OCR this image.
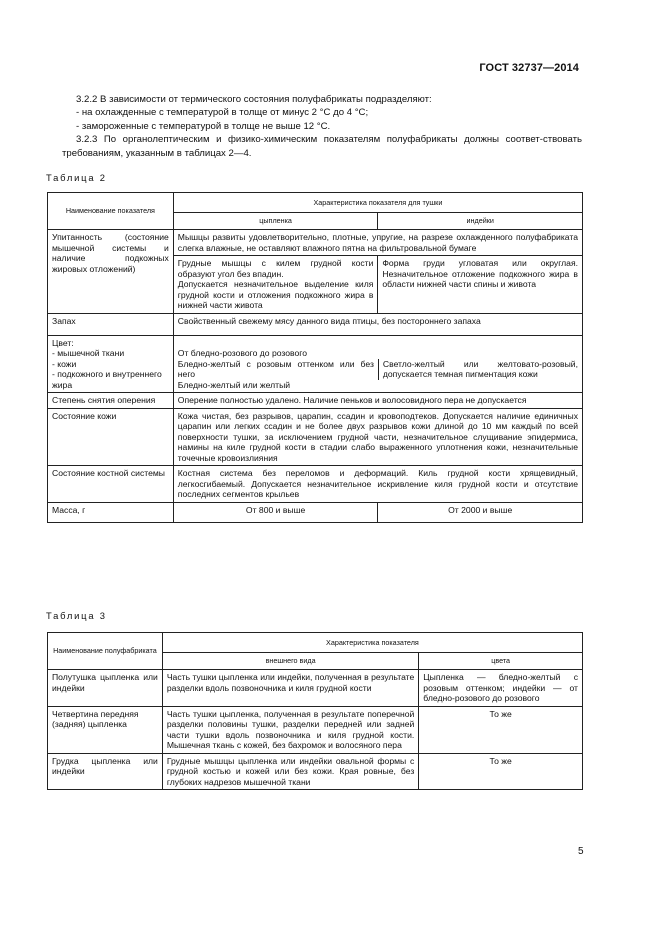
ГОСТ 32737—2014

3.2.2 В зависимости от термического состояния полуфабрикаты подразделяют:

- на охлажденные с температурой в толще от минус 2 °С до 4 °С;

- замороженные с температурой в толще не выше 12 °С.

3.2.3 По органолептическим и физико-химическим показателям полуфабрикаты должны соответ-ствовать требованиям, указанным в таблицах 2—4.

Таблица 2
Наименование показателя	Характеристика показателя для тушки	
	цыпленка	индейки
Упитанность (состояние мышечной системы и наличие подкожных жировых отложений)	Мышцы развиты удовлетворительно, плотные, упругие, на разрезе охлажденного полуфабриката слегка влажные, не оставляют влажного пятна на фильтровальной бумаге	

	Грудные мышцы с килем грудной кости образуют угол без впадин.
Допускается незначительное выделение киля грудной кости и отложения подкожного жира в нижней части живота	Форма груди угловатая или округлая. Незначительное отложение подкожного жира в области нижней части спины и живота
Запах	Свойственный свежему мясу данного вида птицы, без постороннего запаха	

Цвет:
- мышечной ткани
- кожи
- подкожного и внутреннего жира	От бледно-розового до розового
Бледно-желтый с розовым оттенком или без него
Бледно-желтый или желтый	Светло-желтый или желтовато-розовый, допускается темная пигментация кожи

Степень снятия оперения	Оперение полностью удалено. Наличие пеньков и волосовидного пера не допускается	
Состояние кожи	Кожа чистая, без разрывов, царапин, ссадин и кровоподтеков. Допускается наличие единичных царапин или легких ссадин и не более двух разрывов кожи длиной до 10 мм каждый по всей поверхности тушки, за исключением грудной части, незначительное слущивание эпидермиса, намины на киле грудной кости в стадии слабо выраженного уплотнения кожи, незначительные точечные кровоизлияния	
Состояние костной системы	Костная система без переломов и деформаций. Киль грудной кости хрящевидный, легкосгибаемый. Допускается незначительное искривление киля грудной кости и отсутствие последних сегментов крыльев	
Масса, г	От 800 и выше	От 2000 и выше
Таблица 3
Наименование полуфабриката	Характеристика показателя	
	внешнего вида	цвета
Полутушка цыпленка или индейки	Часть тушки цыпленка или индейки, полученная в результате разделки вдоль позвоночника и киля грудной кости	Цыпленка — бледно-желтый с розовым оттенком; индейки — от бледно-розового до розового
Четвертина передняя (задняя) цыпленка	Часть тушки цыпленка, полученная в результате поперечной разделки половины тушки, разделки передней или задней части тушки вдоль позвоночника и киля грудной кости. Мышечная ткань с кожей, без бахромок и волосяного пера	То же
Грудка цыпленка или индейки	Грудные мышцы цыпленка или индейки овальной формы с грудной костью и кожей или без кожи. Края ровные, без глубоких надрезов мышечной ткани	То же
5
